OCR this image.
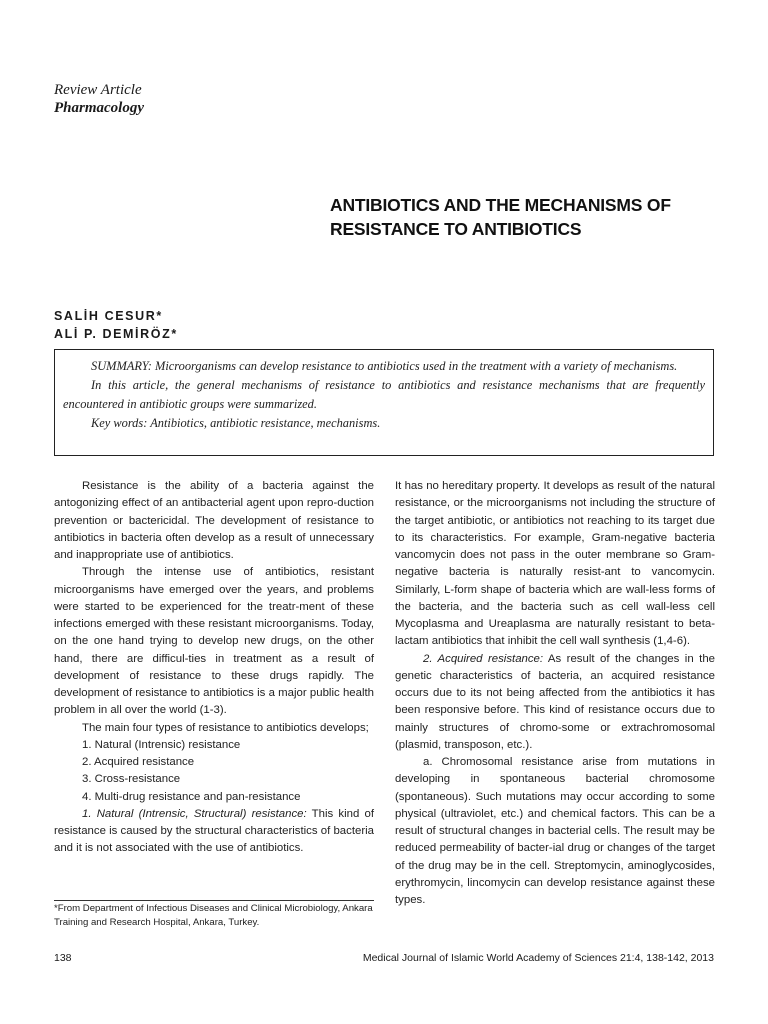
Review Article
Pharmacology
ANTIBIOTICS AND THE MECHANISMS OF
RESISTANCE TO ANTIBIOTICS
SALİH CESUR*
ALİ P. DEMİRÖZ*

SUMMARY: Microorganisms can develop resistance to antibiotics used in the treatment with a variety of mechanisms.

In this article, the general mechanisms of resistance to antibiotics and resistance mechanisms that are frequently encountered in antibiotic groups were summarized.

Key words: Antibiotics, antibiotic resistance, mechanisms.

Resistance is the ability of a bacteria against the antogonizing effect of an antibacterial agent upon repro-duction prevention or bactericidal. The development of resistance to antibiotics in bacteria often develop as a result of unnecessary and inappropriate use of antibiotics.

Through the intense use of antibiotics, resistant microorganisms have emerged over the years, and problems were started to be experienced for the treatr-ment of these infections emerged with these resistant microorganisms. Today, on the one hand trying to develop new drugs, on the other hand, there are difficul-ties in treatment as a result of development of resistance to these drugs rapidly. The development of resistance to antibiotics is a major public health problem in all over the world (1-3).

The main four types of resistance to antibiotics develops;

1. Natural (Intrensic) resistance

2. Acquired resistance

3. Cross-resistance

4. Multi-drug resistance and pan-resistance

1. Natural (Intrensic, Structural) resistance: This kind of resistance is caused by the structural characteristics of bacteria and it is not associated with the use of antibiotics.

It has no hereditary property. It develops as result of the natural resistance, or the microorganisms not including the structure of the target antibiotic, or antibiotics not reaching to its target due to its characteristics. For example, Gram-negative bacteria vancomycin does not pass in the outer membrane so Gram-negative bacteria is naturally resist-ant to vancomycin. Similarly, L-form shape of bacteria which are wall-less forms of the bacteria, and the bacteria such as cell wall-less cell Mycoplasma and Ureaplasma are naturally resistant to beta-lactam antibiotics that inhibit the cell wall synthesis (1,4-6).

2. Acquired resistance: As result of the changes in the genetic characteristics of bacteria, an acquired resistance occurs due to its not being affected from the antibiotics it has been responsive before. This kind of resistance occurs due to mainly structures of chromo-some or extrachromosomal (plasmid, transposon, etc.).

a. Chromosomal resistance arise from mutations in developing in spontaneous bacterial chromosome (spontaneous). Such mutations may occur according to some physical (ultraviolet, etc.) and chemical factors. This can be a result of structural changes in bacterial cells. The result may be reduced permeability of bacter-ial drug or changes of the target of the drug may be in the cell. Streptomycin, aminoglycosides, erythromycin, lincomycin can develop resistance against these types.

*From Department of Infectious Diseases and Clinical Microbiology, Ankara Training and Research Hospital, Ankara, Turkey.
138	Medical Journal of Islamic World Academy of Sciences 21:4, 138-142, 2013
